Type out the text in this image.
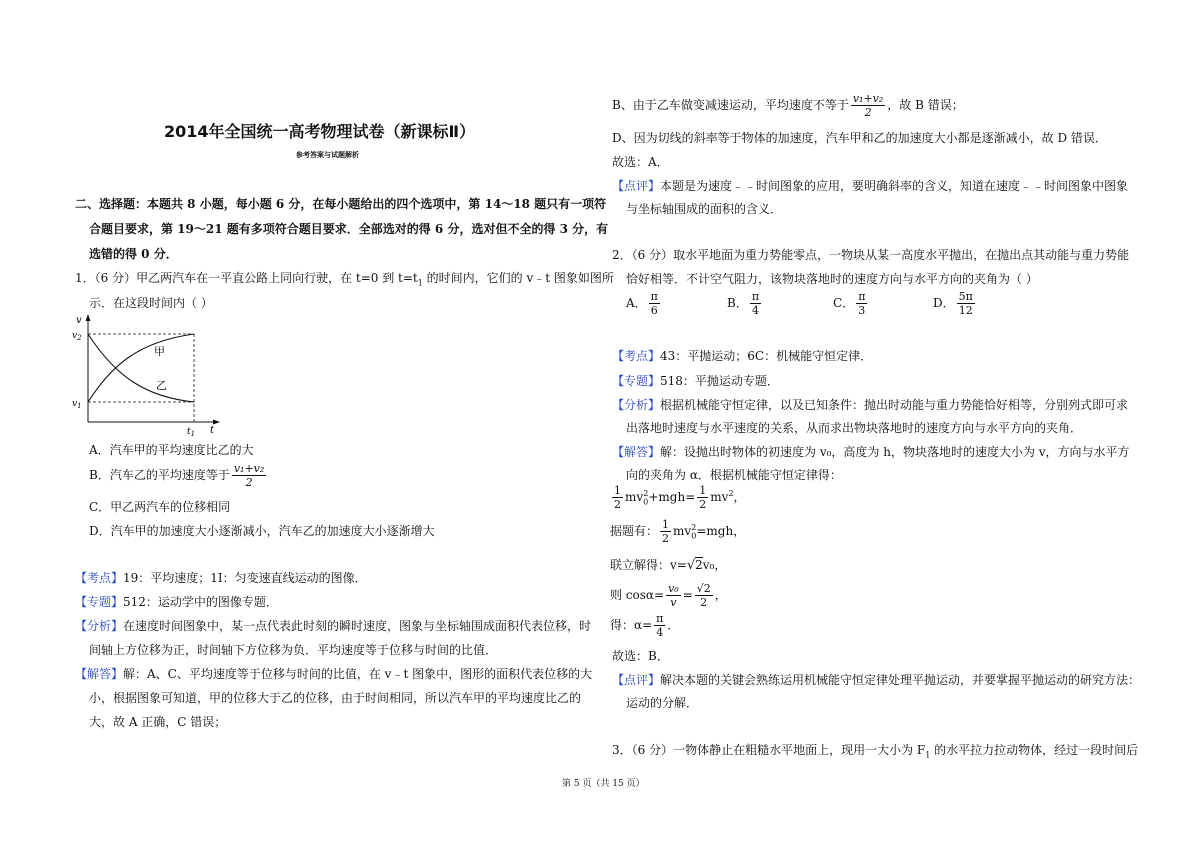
2014年全国统一高考物理试卷（新课标Ⅱ）
参考答案与试题解析
二、选择题：本题共 8 小题，每小题 6 分，在每小题给出的四个选项中，第 14～18 题只有一项符
合题目要求，第 19～21 题有多项符合题目要求．全部选对的得 6 分，选对但不全的得 3 分，有
选错的得 0 分．
1．（6 分）甲乙两汽车在一平直公路上同向行驶，在 t=0 到 $t=t_1$ 的时间内，它们的 v﹣t 图象如图所
示．在这段时间内（ ）
v
t
$v_2$
$v_1$
$t_1$
甲
乙
A．汽车甲的平均速度比乙的大
B．汽车乙的平均速度等于 $\frac{\text{v₁+v₂}}{2}$
C．甲乙两汽车的位移相同
D．汽车甲的加速度大小逐渐减小，汽车乙的加速度大小逐渐增大
【考点】19：平均速度；1I：匀变速直线运动的图像．
【专题】512：运动学中的图像专题．
【分析】在速度时间图象中，某一点代表此时刻的瞬时速度，图象与坐标轴围成面积代表位移，时
间轴上方位移为正，时间轴下方位移为负．平均速度等于位移与时间的比值．
【解答】解：A、C、平均速度等于位移与时间的比值，在 v﹣t 图象中，图形的面积代表位移的大
小，根据图象可知道，甲的位移大于乙的位移，由于时间相同，所以汽车甲的平均速度比乙的
大，故 A 正确，C 错误；
B、由于乙车做变减速运动，平均速度不等于 $\frac{\text{v₁+v₂}}{2}$ ，故 B 错误；
D、因为切线的斜率等于物体的加速度，汽车甲和乙的加速度大小都是逐渐减小，故 D 错误．
故选：A．
【点评】本题是为速度﹣﹣时间图象的应用，要明确斜率的含义，知道在速度﹣﹣时间图象中图象
与坐标轴围成的面积的含义．
2．（6 分）取水平地面为重力势能零点，一物块从某一高度水平抛出，在抛出点其动能与重力势能
恰好相等．不计空气阻力，该物块落地时的速度方向与水平方向的夹角为（ ）
A． $\frac{\pi}{6}$	B． $\frac{\pi}{4}$	C． $\frac{\pi}{3}$	D． $\frac{5\pi}{12}$
【考点】43：平抛运动；6C：机械能守恒定律．
【专题】518：平抛运动专题．
【分析】根据机械能守恒定律，以及已知条件：抛出时动能与重力势能恰好相等，分别列式即可求
出落地时速度与水平速度的关系，从而求出物块落地时的速度方向与水平方向的夹角．
【解答】解：设抛出时物体的初速度为 v₀，高度为 h，物块落地时的速度大小为 v，方向与水平方
向的夹角为 α．根据机械能守恒定律得：
$\frac{1}{2} mv_0^2+mgh= \frac{1}{2} mv^2$，
据题有： $\frac{1}{2} mv_0^2=mgh$，
联立解得：v=√2v₀，
则 $\cos\alpha= \frac{\text{v₀}}{v} = \frac{√2}{2}$ ，
得：$\alpha= \frac{\pi}{4}$ ．
故选：B．
【点评】解决本题的关键会熟练运用机械能守恒定律处理平抛运动，并要掌握平抛运动的研究方法：
运动的分解．
3．（6 分）一物体静止在粗糙水平地面上，现用一大小为 $F_1$ 的水平拉力拉动物体，经过一段时间后
第 5 页（共 15 页）
